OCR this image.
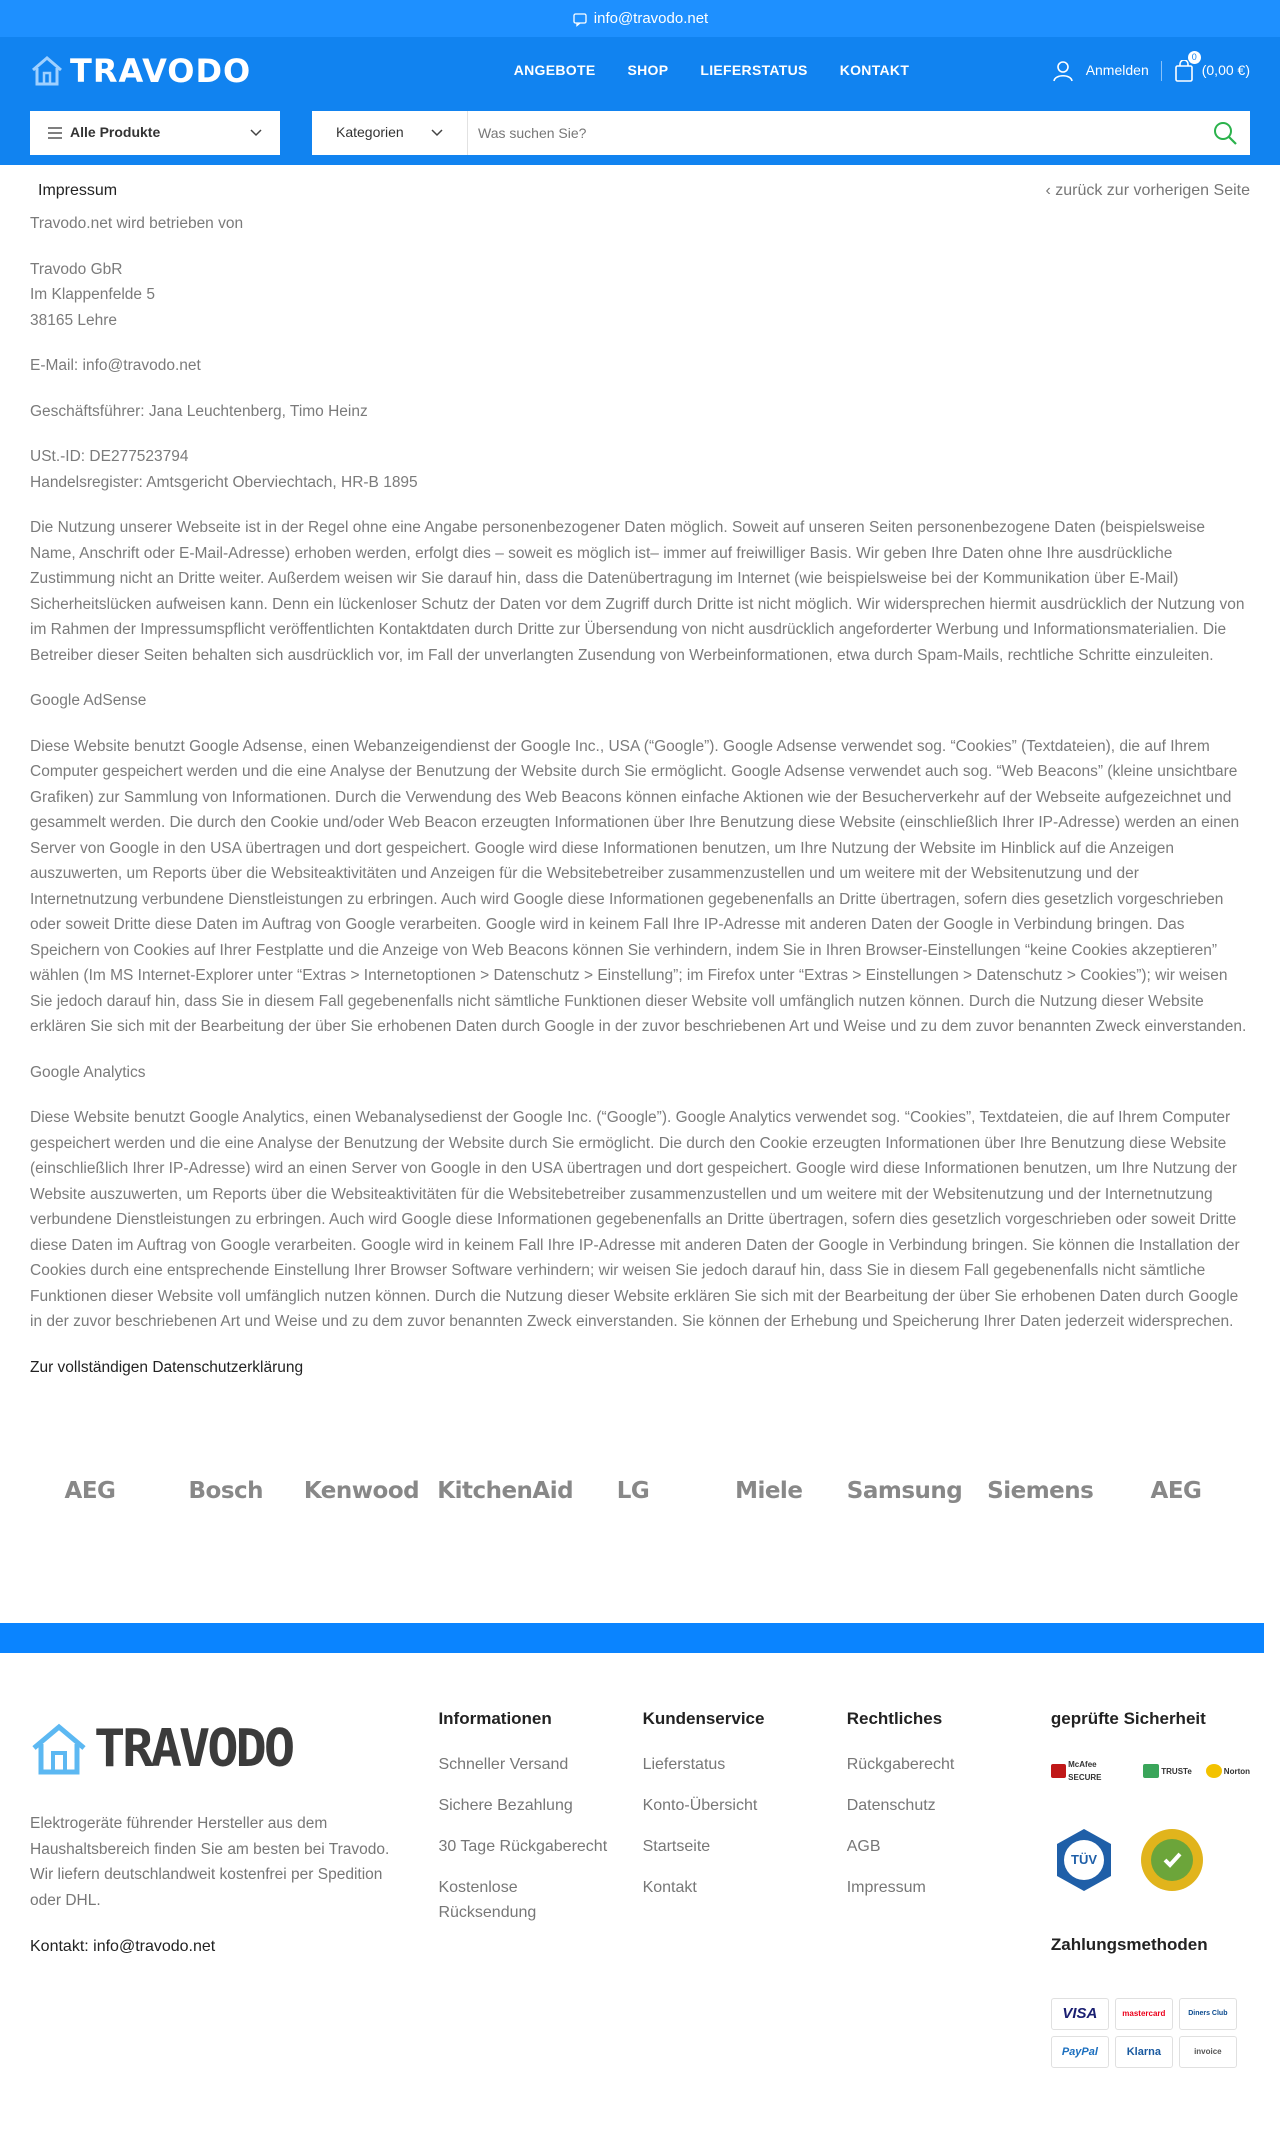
info@travodo.net
TRAVODO	ANGEBOTE SHOP LIEFERSTATUS KONTAKT	Anmelden
0
(0,00 €)
Alle Produkte	Kategorien
Was suchen Sie?
Impressum	‹ zurück zur vorherigen Seite

Travodo.net wird betrieben von

Travodo GbR
Im Klappenfelde 5
38165 Lehre

E-Mail: info@travodo.net

Geschäftsführer: Jana Leuchtenberg, Timo Heinz

USt.-ID: DE277523794
Handelsregister: Amtsgericht Oberviechtach, HR-B 1895

Die Nutzung unserer Webseite ist in der Regel ohne eine Angabe personenbezogener Daten möglich. Soweit auf unseren Seiten personenbezogene Daten (beispielsweise Name, Anschrift oder E-Mail-Adresse) erhoben werden, erfolgt dies – soweit es möglich ist– immer auf freiwilliger Basis. Wir geben Ihre Daten ohne Ihre ausdrückliche Zustimmung nicht an Dritte weiter. Außerdem weisen wir Sie darauf hin, dass die Datenübertragung im Internet (wie beispielsweise bei der Kommunikation über E-Mail) Sicherheitslücken aufweisen kann. Denn ein lückenloser Schutz der Daten vor dem Zugriff durch Dritte ist nicht möglich. Wir widersprechen hiermit ausdrücklich der Nutzung von im Rahmen der Impressumspflicht veröffentlichten Kontaktdaten durch Dritte zur Übersendung von nicht ausdrücklich angeforderter Werbung und Informationsmaterialien. Die Betreiber dieser Seiten behalten sich ausdrücklich vor, im Fall der unverlangten Zusendung von Werbeinformationen, etwa durch Spam-Mails, rechtliche Schritte einzuleiten.

Google AdSense

Diese Website benutzt Google Adsense, einen Webanzeigendienst der Google Inc., USA (“Google”). Google Adsense verwendet sog. “Cookies” (Textdateien), die auf Ihrem Computer gespeichert werden und die eine Analyse der Benutzung der Website durch Sie ermöglicht. Google Adsense verwendet auch sog. “Web Beacons” (kleine unsichtbare Grafiken) zur Sammlung von Informationen. Durch die Verwendung des Web Beacons können einfache Aktionen wie der Besucherverkehr auf der Webseite aufgezeichnet und gesammelt werden. Die durch den Cookie und/oder Web Beacon erzeugten Informationen über Ihre Benutzung diese Website (einschließlich Ihrer IP-Adresse) werden an einen Server von Google in den USA übertragen und dort gespeichert. Google wird diese Informationen benutzen, um Ihre Nutzung der Website im Hinblick auf die Anzeigen auszuwerten, um Reports über die Websiteaktivitäten und Anzeigen für die Websitebetreiber zusammenzustellen und um weitere mit der Websitenutzung und der Internetnutzung verbundene Dienstleistungen zu erbringen. Auch wird Google diese Informationen gegebenenfalls an Dritte übertragen, sofern dies gesetzlich vorgeschrieben oder soweit Dritte diese Daten im Auftrag von Google verarbeiten. Google wird in keinem Fall Ihre IP-Adresse mit anderen Daten der Google in Verbindung bringen. Das Speichern von Cookies auf Ihrer Festplatte und die Anzeige von Web Beacons können Sie verhindern, indem Sie in Ihren Browser-Einstellungen “keine Cookies akzeptieren” wählen (Im MS Internet-Explorer unter “Extras > Internetoptionen > Datenschutz > Einstellung”; im Firefox unter “Extras > Einstellungen > Datenschutz > Cookies”); wir weisen Sie jedoch darauf hin, dass Sie in diesem Fall gegebenenfalls nicht sämtliche Funktionen dieser Website voll umfänglich nutzen können. Durch die Nutzung dieser Website erklären Sie sich mit der Bearbeitung der über Sie erhobenen Daten durch Google in der zuvor beschriebenen Art und Weise und zu dem zuvor benannten Zweck einverstanden.

Google Analytics

Diese Website benutzt Google Analytics, einen Webanalysedienst der Google Inc. (“Google”). Google Analytics verwendet sog. “Cookies”, Textdateien, die auf Ihrem Computer gespeichert werden und die eine Analyse der Benutzung der Website durch Sie ermöglicht. Die durch den Cookie erzeugten Informationen über Ihre Benutzung diese Website (einschließlich Ihrer IP-Adresse) wird an einen Server von Google in den USA übertragen und dort gespeichert. Google wird diese Informationen benutzen, um Ihre Nutzung der Website auszuwerten, um Reports über die Websiteaktivitäten für die Websitebetreiber zusammenzustellen und um weitere mit der Websitenutzung und der Internetnutzung verbundene Dienstleistungen zu erbringen. Auch wird Google diese Informationen gegebenenfalls an Dritte übertragen, sofern dies gesetzlich vorgeschrieben oder soweit Dritte diese Daten im Auftrag von Google verarbeiten. Google wird in keinem Fall Ihre IP-Adresse mit anderen Daten der Google in Verbindung bringen. Sie können die Installation der Cookies durch eine entsprechende Einstellung Ihrer Browser Software verhindern; wir weisen Sie jedoch darauf hin, dass Sie in diesem Fall gegebenenfalls nicht sämtliche Funktionen dieser Website voll umfänglich nutzen können. Durch die Nutzung dieser Website erklären Sie sich mit der Bearbeitung der über Sie erhobenen Daten durch Google in der zuvor beschriebenen Art und Weise und zu dem zuvor benannten Zweck einverstanden. Sie können der Erhebung und Speicherung Ihrer Daten jederzeit widersprechen.

Zur vollständigen Datenschutzerklärung

AEG	Bosch	Kenwood KitchenAid	LG	Miele	Samsung	Siemens	AEG
TRAVODO
Elektrogeräte führender Hersteller aus dem Haushaltsbereich finden Sie am besten bei Travodo. Wir liefern deutschlandweit kostenfrei per Spedition oder DHL.
Kontakt: info@travodo.net
Informationen
Schneller Versand
Sichere Bezahlung
30 Tage Rückgaberecht
Kostenlose Rücksendung
Kundenservice
Lieferstatus
Konto-Übersicht
Startseite
Kontakt
Rechtliches
Rückgaberecht
Datenschutz
AGB
Impressum
geprüfte Sicherheit
McAfee SECURE
TRUSTe	Norton
TÜV
Zahlungsmethoden
VISA	mastercard	Diners Club
PayPal	Klarna	invoice
